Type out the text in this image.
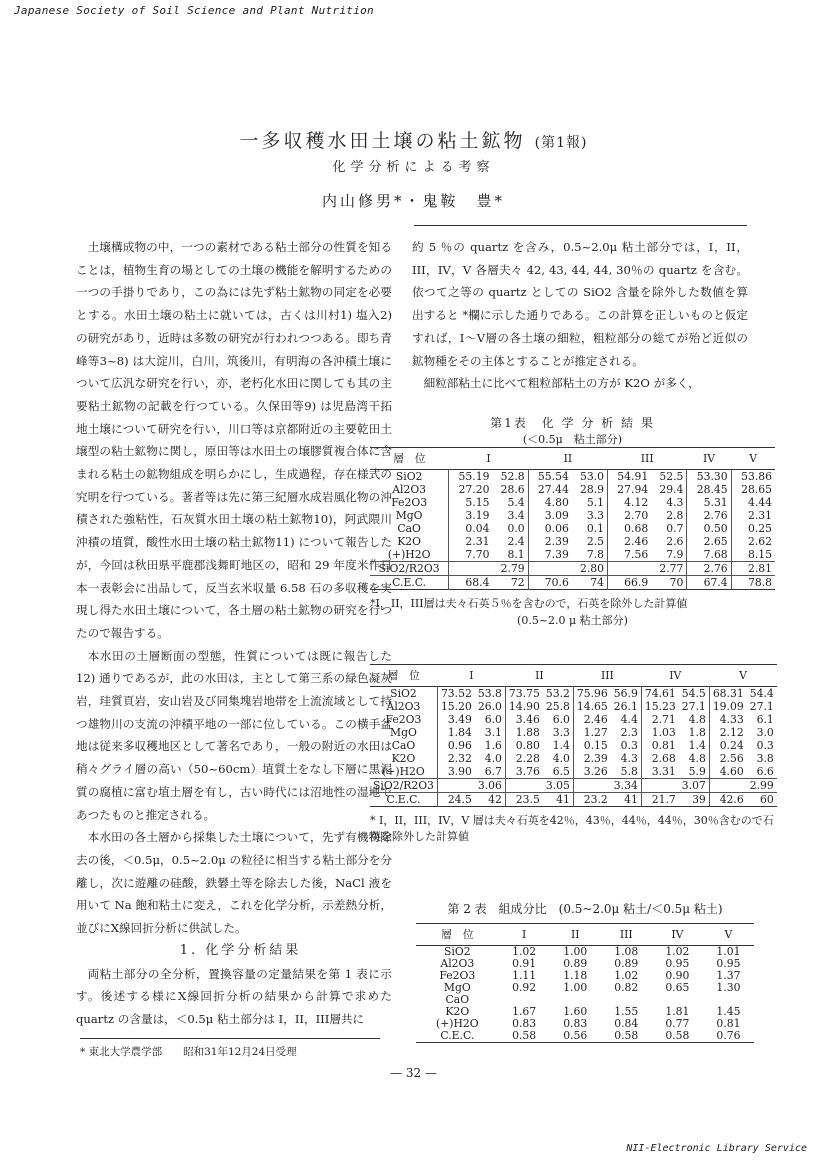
Japanese Society of Soil Science and Plant Nutrition
一多収穫水田土壌の粘土鉱物 (第1報)
化学分析による考察
内山修男*・鬼鞍　豊*

土壌構成物の中，一つの素材である粘土部分の性質を知ることは，植物生育の場としての土壌の機能を解明するための一つの手掛りであり，この為には先ず粘土鉱物の同定を必要とする。水田土壌の粘土に就いては，古くは川村1) 塩入2) の研究があり，近時は多数の研究が行われつつある。即ち青峰等3~8) は大淀川，白川，筑後川，有明海の各沖積土壌について広汎な研究を行い，亦，老朽化水田に関しても其の主要粘土鉱物の記載を行つている。久保田等9) は児島湾干拓地土壌について研究を行い，川口等は京都附近の主要乾田土壌型の粘土鉱物に関し，原田等は水田土の壌膠質複合体に含まれる粘土の鉱物組成を明らかにし，生成過程，存在様式の究明を行つている。著者等は先に第三紀層水成岩風化物の沖積された強粘性，石灰質水田土壌の粘土鉱物10)，阿武隈川沖積の埴質，酸性水田土壌の粘土鉱物11) について報告したが，今回は秋田県平鹿郡浅舞町地区の，昭和 29 年度米作日本一表彰会に出品して，反当玄米収量 6.58 石の多収穫を実現し得た水田土壌について，各土層の粘土鉱物の研究を行つたので報告する。

本水田の土層断面の型態，性質については既に報告した12) 通りであるが，此の水田は，主として第三系の緑色凝灰岩，珪質頁岩，安山岩及び同集塊岩地帯を上流流域として持つ雄物川の支流の沖積平地の一部に位している。この横手盆地は従来多収穫地区として著名であり，一般の附近の水田は稍々グライ層の高い（50~60cm）埴質土をなし下層に黒泥質の腐植に富む埴土層を有し，古い時代には沼地性の湿地であつたものと推定される。

本水田の各土層から採集した土壌について，先ず有機物除去の後，＜0.5μ，0.5~2.0μ の粒径に相当する粘土部分を分離し，次に遊離の硅酸，鉄礬土等を除去した後，NaCl 液を用いて Na 飽和粘土に変え，これを化学分析，示差熱分析，並びにX線回折分析に供試した。

1. 化学分析結果

両粘土部分の全分析，置換容量の定量結果を第 1 表に示す。後述する様にX線回折分析の結果から計算で求めた quartz の含量は，＜0.5μ 粘土部分は I，II，III層共に

* 東北大学農学部　　昭和31年12月24日受理

約 5 ％の quartz を含み，0.5~2.0μ 粘土部分では，I，II，III，IV，V 各層夫々 42, 43, 44, 44, 30％の quartz を含む。依つて之等の quartz としての SiO2 含量を除外した数値を算出すると *欄に示した通りである。この計算を正しいものと仮定すれば，I～V層の各土壌の細粒，粗粒部分の総てが殆ど近似の鉱物種をその主体とすることが推定される。

細粒部粘土に比べて粗粒部粘土の方が K2O が多く，

第1表　化 学 分 析 結 果

(＜0.5μ　粘土部分)

層　位	I		II		III		IV	V
SiO2	55.19	52.8	55.54	53.0	54.91	52.5	53.30	53.86
Al2O3	27.20	28.6	27.44	28.9	27.94	29.4	28.45	28.65
Fe2O3	5.15	5.4	4.80	5.1	4.12	4.3	5.31	4.44
MgO	3.19	3.4	3.09	3.3	2.70	2.8	2.76	2.31
CaO	0.04	0.0	0.06	0.1	0.68	0.7	0.50	0.25
K2O	2.31	2.4	2.39	2.5	2.46	2.6	2.65	2.62
(+)H2O	7.70	8.1	7.39	7.8	7.56	7.9	7.68	8.15
SiO2/R2O3	2.79		2.80		2.77		2.76	2.81
C.E.C.	68.4	72	70.6	74	66.9	70	67.4	78.8
*I，II，III層は夫々石英５％を含むので，石英を除外した計算値

(0.5~2.0 μ 粘土部分)

層　位	I		II		III		IV		V	
SiO2	73.52	53.8	73.75	53.2	75.96	56.9	74.61	54.5	68.31	54.4
Al2O3	15.20	26.0	14.90	25.8	14.65	26.1	15.23	27.1	19.09	27.1
Fe2O3	3.49	6.0	3.46	6.0	2.46	4.4	2.71	4.8	4.33	6.1
MgO	1.84	3.1	1.88	3.3	1.27	2.3	1.03	1.8	2.12	3.0
CaO	0.96	1.6	0.80	1.4	0.15	0.3	0.81	1.4	0.24	0.3
K2O	2.32	4.0	2.28	4.0	2.39	4.3	2.68	4.8	2.56	3.8
(+)H2O	3.90	6.7	3.76	6.5	3.26	5.8	3.31	5.9	4.60	6.6
SiO2/R2O3	3.06		3.05		3.34		3.07		2.99	
C.E.C.	24.5	42	23.5	41	23.2	41	21.7	39	42.6	60
* I，II，III，IV，V 層は夫々石英を42％，43％，44％，44％，30％含むので石英を除外した計算値

第 2 表　組成分比　(0.5~2.0μ 粘土/＜0.5μ 粘土)

層　位	I	II	III	IV	V
SiO2	1.02	1.00	1.08	1.02	1.01
Al2O3	0.91	0.89	0.89	0.95	0.95
Fe2O3	1.11	1.18	1.02	0.90	1.37
MgO	0.92	1.00	0.82	0.65	1.30
CaO					
K2O	1.67	1.60	1.55	1.81	1.45
(+)H2O	0.83	0.83	0.84	0.77	0.81
C.E.C.	0.58	0.56	0.58	0.58	0.76
— 32 —
NII-Electronic Library Service
